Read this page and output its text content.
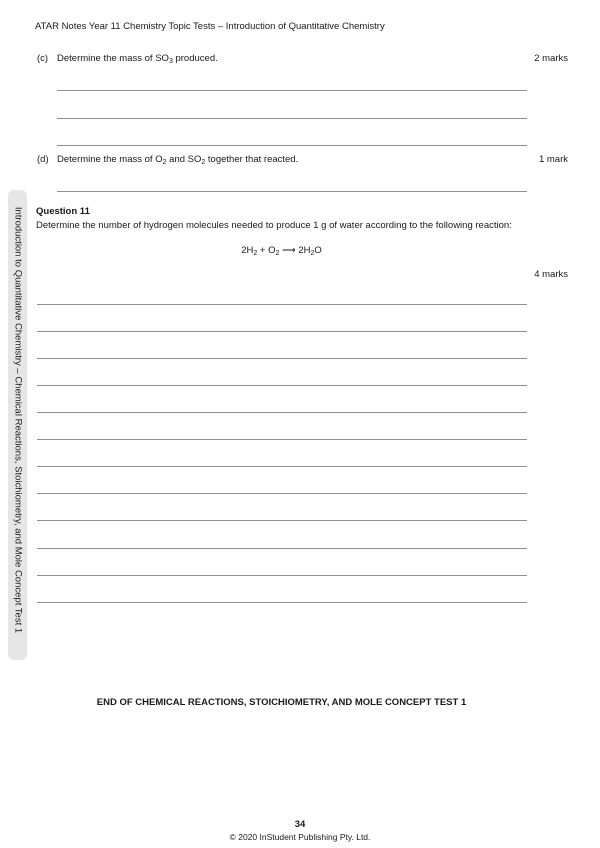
ATAR Notes Year 11 Chemistry Topic Tests – Introduction of Quantitative Chemistry
(c) Determine the mass of $SO_3$ produced.	2 marks
(d) Determine the mass of $O_2$ and $SO_2$ together that reacted.	1 mark
Introduction to Quantitative Chemistry – Chemical Reactions, Stoichiometry, and Mole Concept Test 1 Question 11
Determine the number of hydrogen molecules needed to produce 1 g of water according to the following reaction:
$2H_2 + O_2$ ⟶ $2H_2O$
4 marks
END OF CHEMICAL REACTIONS, STOICHIOMETRY, AND MOLE CONCEPT TEST 1
34
© 2020 InStudent Publishing Pty. Ltd.
